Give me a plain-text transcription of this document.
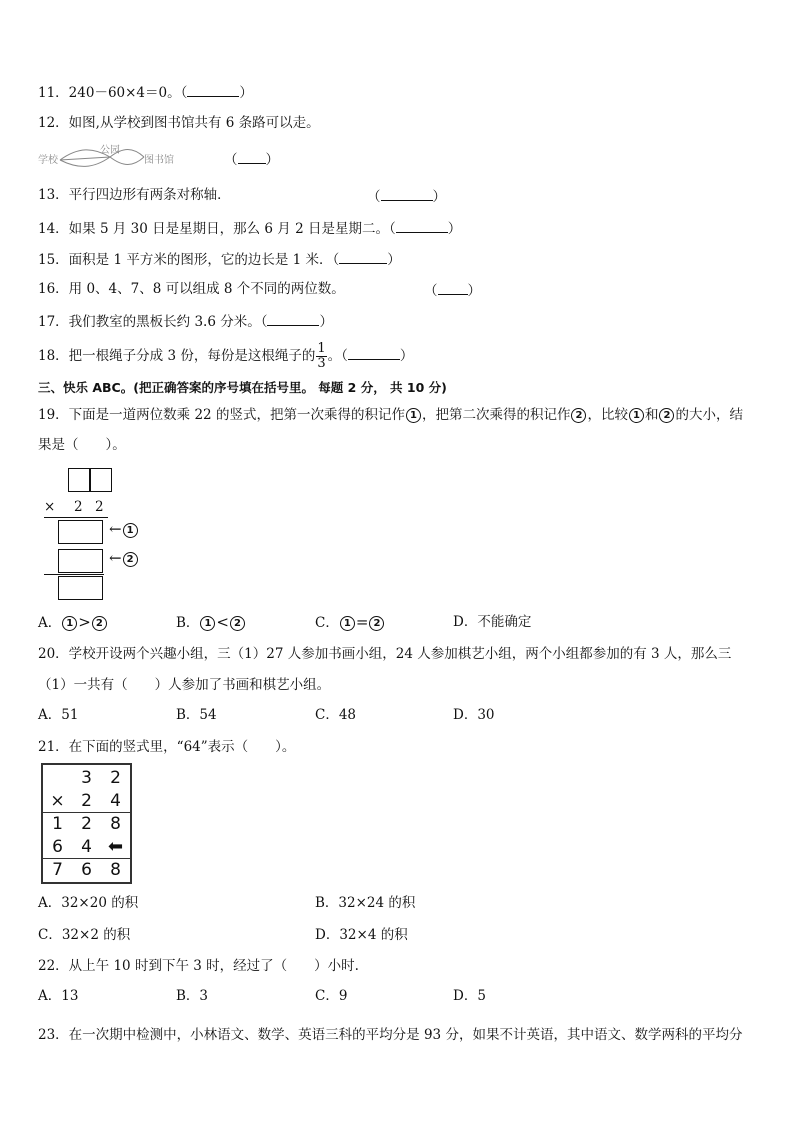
11．240－60×4＝0。（	）
12．如图,从学校到图书馆共有 6 条路可以走。
学校
公园
图书馆	（ ）
13．平行四边形有两条对称轴．	（	）
14．如果 5 月 30 日是星期日，那么 6 月 2 日是星期二。（	）
15．面积是 1 平方米的图形，它的边长是 1 米．（	）
16．用 0、4、7、8 可以组成 8 个不同的两位数。	（ ）
17．我们教室的黑板长约 3.6 分米。（	）
18．把一根绳子分成 3 份，每份是这根绳子的 $\frac{1}{3}$ 。（	）
三、快乐 ABC。(把正确答案的序号填在括号里。 每题 2 分， 共 10 分)
19．下面是一道两位数乘 22 的竖式，把第一次乘得的积记作 1 ，把第二次乘得的积记作 2 ，比较 1 和 2 的大小，结
果是（　　）。
× 2 2
← 1
← 2
A． 1 > 2	B． 1 < 2	C． 1 = 2	D．不能确定
20．学校开设两个兴趣小组，三（1）27 人参加书画小组，24 人参加棋艺小组，两个小组都参加的有 3 人，那么三
（1）一共有（　　）人参加了书画和棋艺小组。
A．51	B．54	C．48	D．30
21．在下面的竖式里，“64”表示（　　）。
3	2
× 2	4
1	2	8
6	4 ⬅
7	6	8
A．32×20 的积	B．32×24 的积
C．32×2 的积	D．32×4 的积
22．从上午 10 时到下午 3 时，经过了（　　）小时.
A．13	B．3	C．9	D．5
23．在一次期中检测中，小林语文、数学、英语三科的平均分是 93 分，如果不计英语，其中语文、数学两科的平均分
